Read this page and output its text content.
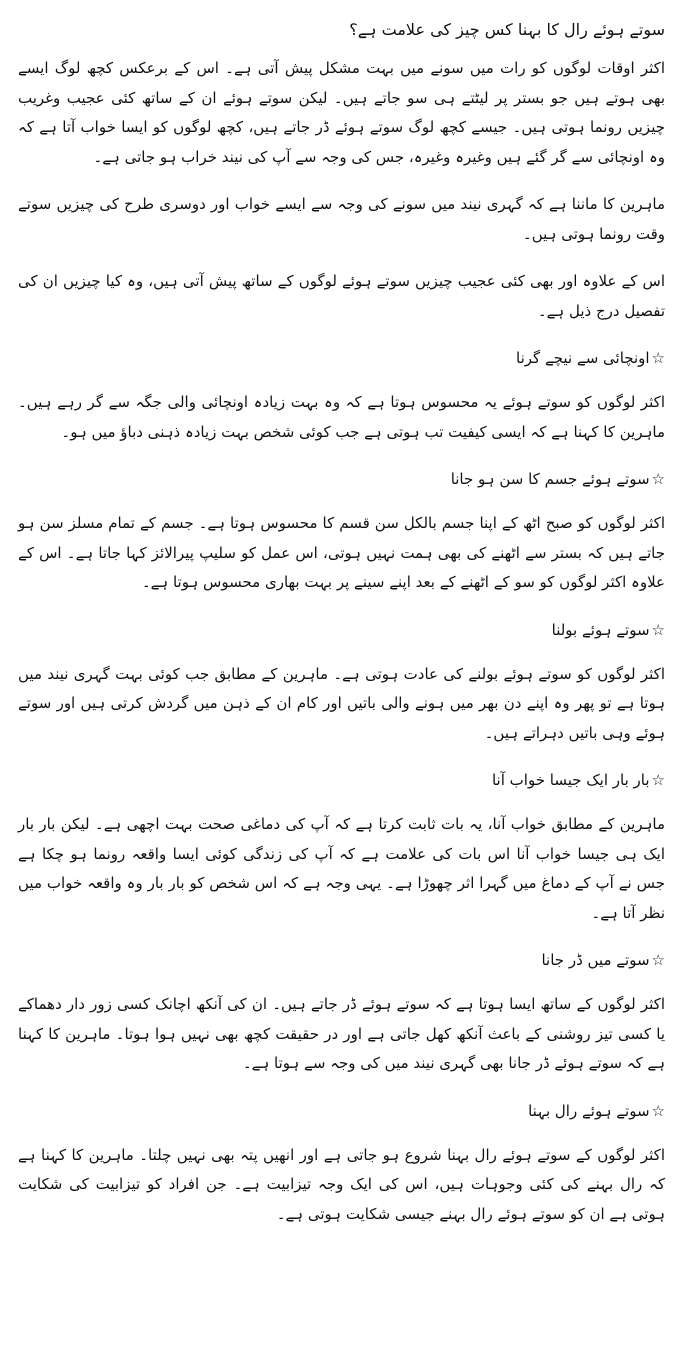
سوتے ہوئے رال کا بہنا کس چیز کی علامت ہے؟

اکثر اوقات لوگوں کو رات میں سونے میں بہت مشکل پیش آتی ہے۔ اس کے برعکس کچھ لوگ ایسے بھی ہوتے ہیں جو بستر پر لیٹتے ہی سو جاتے ہیں۔ لیکن سوتے ہوئے ان کے ساتھ کئی عجیب وغریب چیزیں رونما ہوتی ہیں۔ جیسے کچھ لوگ سوتے ہوئے ڈر جاتے ہیں، کچھ لوگوں کو ایسا خواب آتا ہے کہ وہ اونچائی سے گر گئے ہیں وغیرہ وغیرہ، جس کی وجہ سے آپ کی نیند خراب ہو جاتی ہے۔

ماہرین کا ماننا ہے کہ گہری نیند میں سونے کی وجہ سے ایسے خواب اور دوسری طرح کی چیزیں سوتے وقت رونما ہوتی ہیں۔

اس کے علاوہ اور بھی کئی عجیب چیزیں سوتے ہوئے لوگوں کے ساتھ پیش آتی ہیں، وہ کیا چیزیں ان کی تفصیل درج ذیل ہے۔

☆اونچائی سے نیچے گرنا

اکثر لوگوں کو سوتے ہوئے یہ محسوس ہوتا ہے کہ وہ بہت زیادہ اونچائی والی جگہ سے گر رہے ہیں۔ ماہرین کا کہنا ہے کہ ایسی کیفیت تب ہوتی ہے جب کوئی شخص بہت زیادہ ذہنی دباؤ میں ہو۔

☆سوتے ہوئے جسم کا سن ہو جانا

اکثر لوگوں کو صبح اٹھ کے اپنا جسم بالکل سن قسم کا محسوس ہوتا ہے۔ جسم کے تمام مسلز سن ہو جاتے ہیں کہ بستر سے اٹھنے کی بھی ہمت نہیں ہوتی، اس عمل کو سلیپ پیرالائز کہا جاتا ہے۔ اس کے علاوہ اکثر لوگوں کو سو کے اٹھنے کے بعد اپنے سینے پر بہت بھاری محسوس ہوتا ہے۔

☆سوتے ہوئے بولنا

اکثر لوگوں کو سوتے ہوئے بولنے کی عادت ہوتی ہے۔ ماہرین کے مطابق جب کوئی بہت گہری نیند میں ہوتا ہے تو پھر وہ اپنے دن بھر میں ہونے والی باتیں اور کام ان کے ذہن میں گردش کرتی ہیں اور سوتے ہوئے وہی باتیں دہراتے ہیں۔

☆بار بار ایک جیسا خواب آنا

ماہرین کے مطابق خواب آنا، یہ بات ثابت کرتا ہے کہ آپ کی دماغی صحت بہت اچھی ہے۔ لیکن بار بار ایک ہی جیسا خواب آنا اس بات کی علامت ہے کہ آپ کی زندگی کوئی ایسا واقعہ رونما ہو چکا ہے جس نے آپ کے دماغ میں گہرا اثر چھوڑا ہے۔ یہی وجہ ہے کہ اس شخص کو بار بار وہ واقعہ خواب میں نظر آتا ہے۔

☆سوتے میں ڈر جانا

اکثر لوگوں کے ساتھ ایسا ہوتا ہے کہ سوتے ہوئے ڈر جاتے ہیں۔ ان کی آنکھ اچانک کسی زور دار دھماکے یا کسی تیز روشنی کے باعث آنکھ کھل جاتی ہے اور در حقیقت کچھ بھی نہیں ہوا ہوتا۔ ماہرین کا کہنا ہے کہ سوتے ہوئے ڈر جانا بھی گہری نیند میں کی وجہ سے ہوتا ہے۔

☆سوتے ہوئے رال بہنا

اکثر لوگوں کے سوتے ہوئے رال بہنا شروع ہو جاتی ہے اور انھیں پتہ بھی نہیں چلتا۔ ماہرین کا کہنا ہے کہ رال بہنے کی کئی وجوہات ہیں، اس کی ایک وجہ تیزابیت ہے۔ جن افراد کو تیزابیت کی شکایت ہوتی ہے ان کو سوتے ہوئے رال بہنے جیسی شکایت ہوتی ہے۔
